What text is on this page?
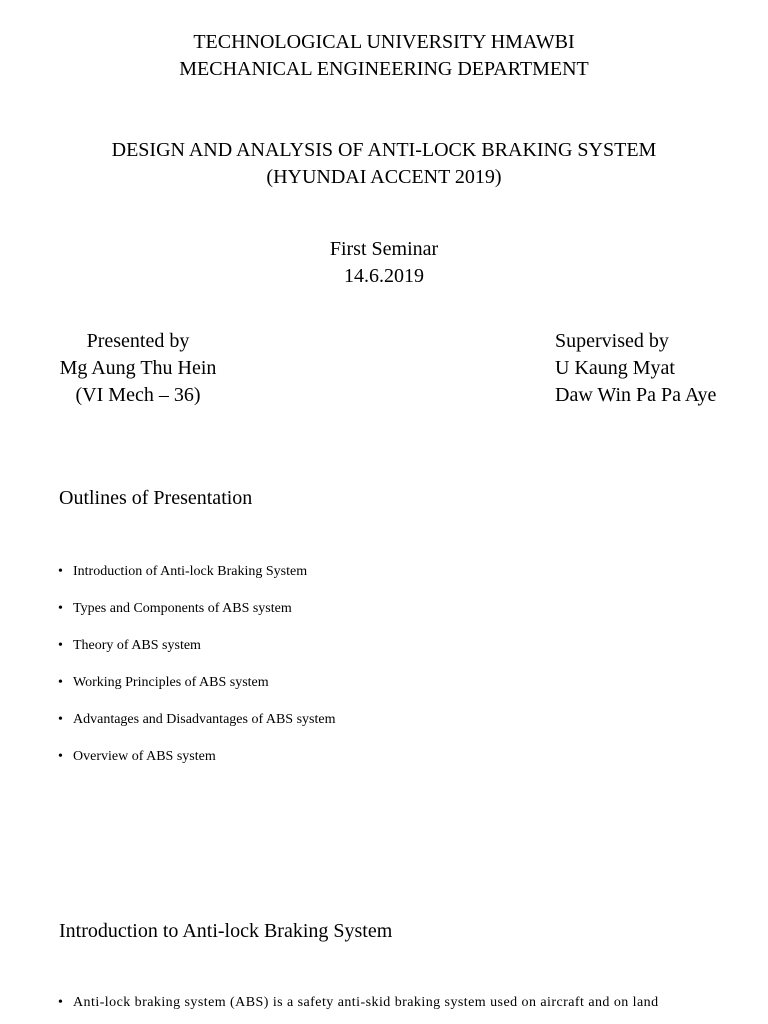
TECHNOLOGICAL UNIVERSITY HMAWBI
MECHANICAL ENGINEERING DEPARTMENT
DESIGN AND ANALYSIS OF ANTI-LOCK BRAKING SYSTEM
(HYUNDAI ACCENT 2019)
First Seminar
14.6.2019
Presented by
Mg Aung Thu Hein
(VI Mech – 36)
Supervised by
U Kaung Myat
Daw Win Pa Pa Aye
Outlines of Presentation
• Introduction of Anti-lock Braking System
• Types and Components of ABS system
• Theory of ABS system
• Working Principles of ABS system
• Advantages and Disadvantages of ABS system
• Overview of ABS system
Introduction to Anti-lock Braking System
• Anti-lock braking system (ABS) is a safety anti-skid braking system used on aircraft and on land
